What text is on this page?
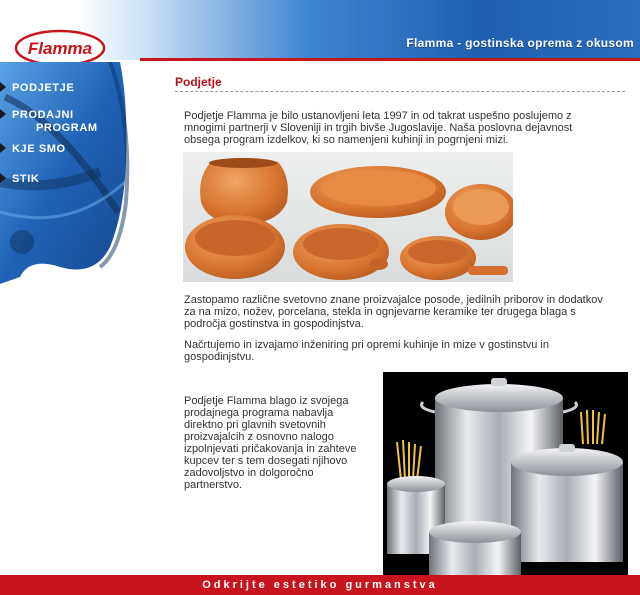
Flamma	Flamma - gostinska oprema z okusom
PODJETJE
PRODAJNI
PROGRAM
KJE SMO
STIK
Podjetje
Podjetje Flamma je bilo ustanovljeni leta 1997 in od takrat uspešno poslujemo z mnogimi partnerji v Sloveniji in trgih bivše Jugoslavije. Naša poslovna dejavnost obsega program izdelkov, ki so namenjeni kuhinji in pogrnjeni mizi.
Zastopamo različne svetovno znane proizvajalce posode, jedilnih priborov in dodatkov za na mizo, nožev, porcelana, stekla in ognjevarne keramike ter drugega blaga s področja gostinstva in gospodinjstva.
Načrtujemo in izvajamo inženiring pri opremi kuhinje in mize v gostinstvu in gospodinjstvu.
Podjetje Flamma blago iz svojega prodajnega programa nabavlja direktno pri glavnih svetovnih proizvajalcih z osnovno nalogo izpolnjevati pričakovanja in zahteve kupcev ter s tem dosegati njihovo zadovoljstvo in dolgoročno partnerstvo.
Odkrijte estetiko gurmanstva
